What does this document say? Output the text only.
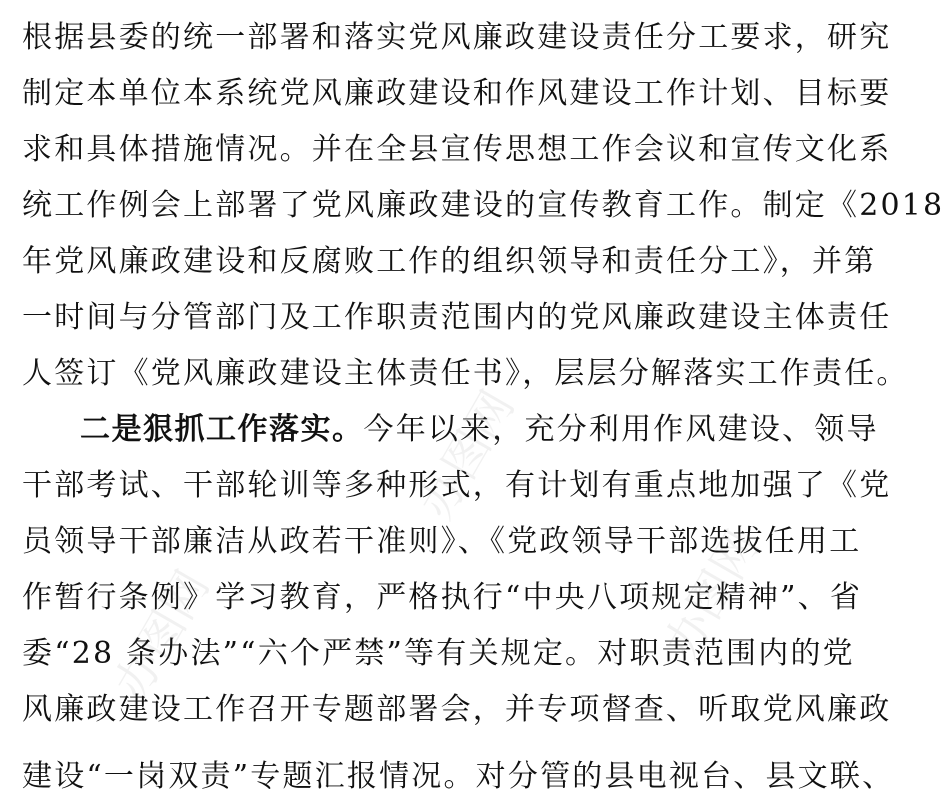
根据县委的统一部署和落实党风廉政建设责任分工要求，研究
制定本单位本系统党风廉政建设和作风建设工作计划、目标要
求和具体措施情况。并在全县宣传思想工作会议和宣传文化系
统工作例会上部署了党风廉政建设的宣传教育工作。制定《2018
年党风廉政建设和反腐败工作的组织领导和责任分工》，并第
一时间与分管部门及工作职责范围内的党风廉政建设主体责任
人签订《党风廉政建设主体责任书》，层层分解落实工作责任。
二是狠抓工作落实。今年以来，充分利用作风建设、领导
干部考试、干部轮训等多种形式，有计划有重点地加强了《党
员领导干部廉洁从政若干准则》、《党政领导干部选拔任用工
作暂行条例》学习教育，严格执行“中央八项规定精神”、省
委“28 条办法”“六个严禁”等有关规定。对职责范围内的党
风廉政建设工作召开专题部署会，并专项督查、听取党风廉政
建设“一岗双责”专题汇报情况。对分管的县电视台、县文联、
办图网
办图网
办图网
